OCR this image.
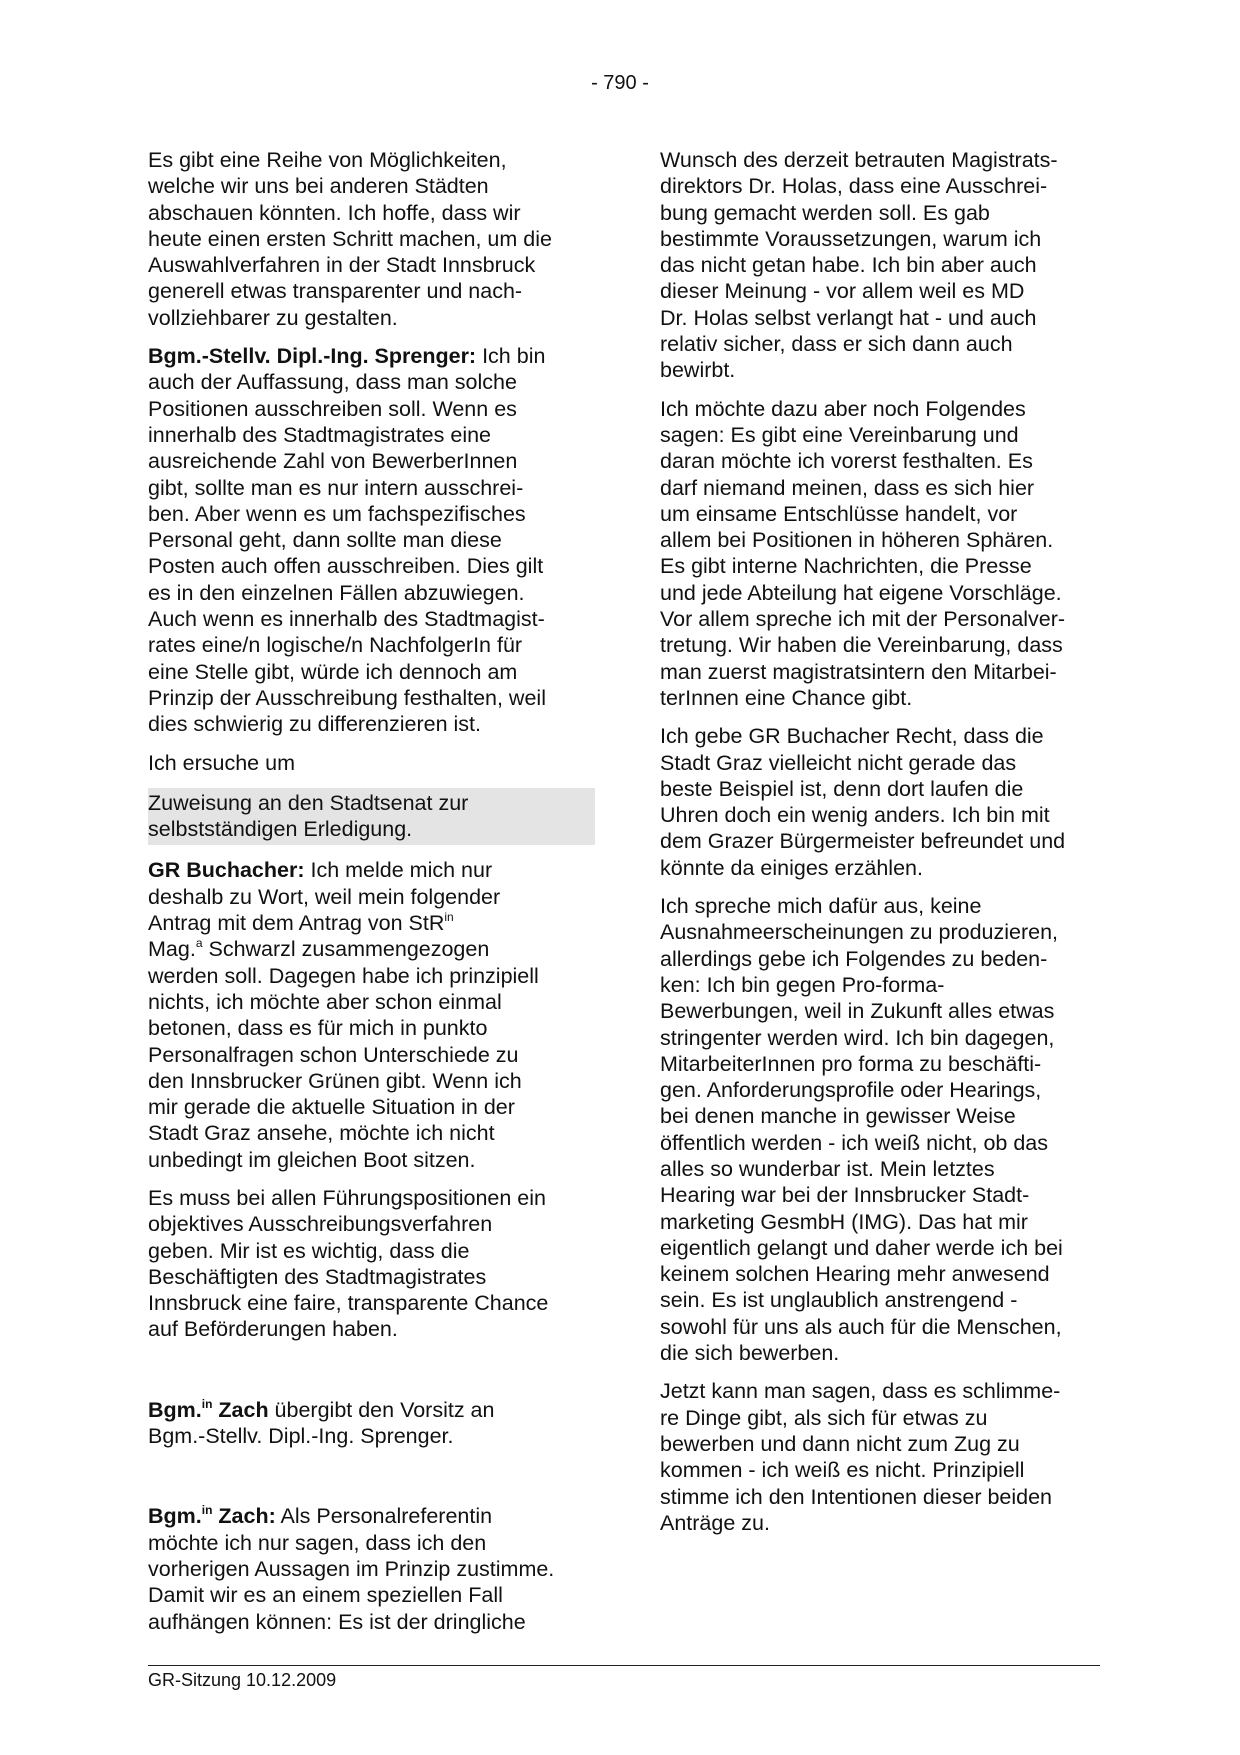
- 790 -

Es gibt eine Reihe von Möglichkeiten,
welche wir uns bei anderen Städten
abschauen könnten. Ich hoffe, dass wir
heute einen ersten Schritt machen, um die
Auswahlverfahren in der Stadt Innsbruck
generell etwas transparenter und nach-
vollziehbarer zu gestalten.

Bgm.-Stellv. Dipl.-Ing. Sprenger: Ich bin
auch der Auffassung, dass man solche
Positionen ausschreiben soll. Wenn es
innerhalb des Stadtmagistrates eine
ausreichende Zahl von BewerberInnen
gibt, sollte man es nur intern ausschrei-
ben. Aber wenn es um fachspezifisches
Personal geht, dann sollte man diese
Posten auch offen ausschreiben. Dies gilt
es in den einzelnen Fällen abzuwiegen.
Auch wenn es innerhalb des Stadtmagist-
rates eine/n logische/n NachfolgerIn für
eine Stelle gibt, würde ich dennoch am
Prinzip der Ausschreibung festhalten, weil
dies schwierig zu differenzieren ist.

Ich ersuche um

Zuweisung an den Stadtsenat zur
selbstständigen Erledigung.

GR Buchacher: Ich melde mich nur
deshalb zu Wort, weil mein folgender
Antrag mit dem Antrag von StR$^{in}$
Mag.$^a$ Schwarzl zusammengezogen
werden soll. Dagegen habe ich prinzipiell
nichts, ich möchte aber schon einmal
betonen, dass es für mich in punkto
Personalfragen schon Unterschiede zu
den Innsbrucker Grünen gibt. Wenn ich
mir gerade die aktuelle Situation in der
Stadt Graz ansehe, möchte ich nicht
unbedingt im gleichen Boot sitzen.

Es muss bei allen Führungspositionen ein
objektives Ausschreibungsverfahren
geben. Mir ist es wichtig, dass die
Beschäftigten des Stadtmagistrates
Innsbruck eine faire, transparente Chance
auf Beförderungen haben.

Bgm.$^{in}$ Zach übergibt den Vorsitz an
Bgm.-Stellv. Dipl.-Ing. Sprenger.

Bgm.$^{in}$ Zach: Als Personalreferentin
möchte ich nur sagen, dass ich den
vorherigen Aussagen im Prinzip zustimme.
Damit wir es an einem speziellen Fall
aufhängen können: Es ist der dringliche

Wunsch des derzeit betrauten Magistrats-
direktors Dr. Holas, dass eine Ausschrei-
bung gemacht werden soll. Es gab
bestimmte Voraussetzungen, warum ich
das nicht getan habe. Ich bin aber auch
dieser Meinung - vor allem weil es MD
Dr. Holas selbst verlangt hat - und auch
relativ sicher, dass er sich dann auch
bewirbt.

Ich möchte dazu aber noch Folgendes
sagen: Es gibt eine Vereinbarung und
daran möchte ich vorerst festhalten. Es
darf niemand meinen, dass es sich hier
um einsame Entschlüsse handelt, vor
allem bei Positionen in höheren Sphären.
Es gibt interne Nachrichten, die Presse
und jede Abteilung hat eigene Vorschläge.
Vor allem spreche ich mit der Personalver-
tretung. Wir haben die Vereinbarung, dass
man zuerst magistratsintern den Mitarbei-
terInnen eine Chance gibt.

Ich gebe GR Buchacher Recht, dass die
Stadt Graz vielleicht nicht gerade das
beste Beispiel ist, denn dort laufen die
Uhren doch ein wenig anders. Ich bin mit
dem Grazer Bürgermeister befreundet und
könnte da einiges erzählen.

Ich spreche mich dafür aus, keine
Ausnahmeerscheinungen zu produzieren,
allerdings gebe ich Folgendes zu beden-
ken: Ich bin gegen Pro-forma-
Bewerbungen, weil in Zukunft alles etwas
stringenter werden wird. Ich bin dagegen,
MitarbeiterInnen pro forma zu beschäfti-
gen. Anforderungsprofile oder Hearings,
bei denen manche in gewisser Weise
öffentlich werden - ich weiß nicht, ob das
alles so wunderbar ist. Mein letztes
Hearing war bei der Innsbrucker Stadt-
marketing GesmbH (IMG). Das hat mir
eigentlich gelangt und daher werde ich bei
keinem solchen Hearing mehr anwesend
sein. Es ist unglaublich anstrengend -
sowohl für uns als auch für die Menschen,
die sich bewerben.

Jetzt kann man sagen, dass es schlimme-
re Dinge gibt, als sich für etwas zu
bewerben und dann nicht zum Zug zu
kommen - ich weiß es nicht. Prinzipiell
stimme ich den Intentionen dieser beiden
Anträge zu.

GR-Sitzung 10.12.2009
